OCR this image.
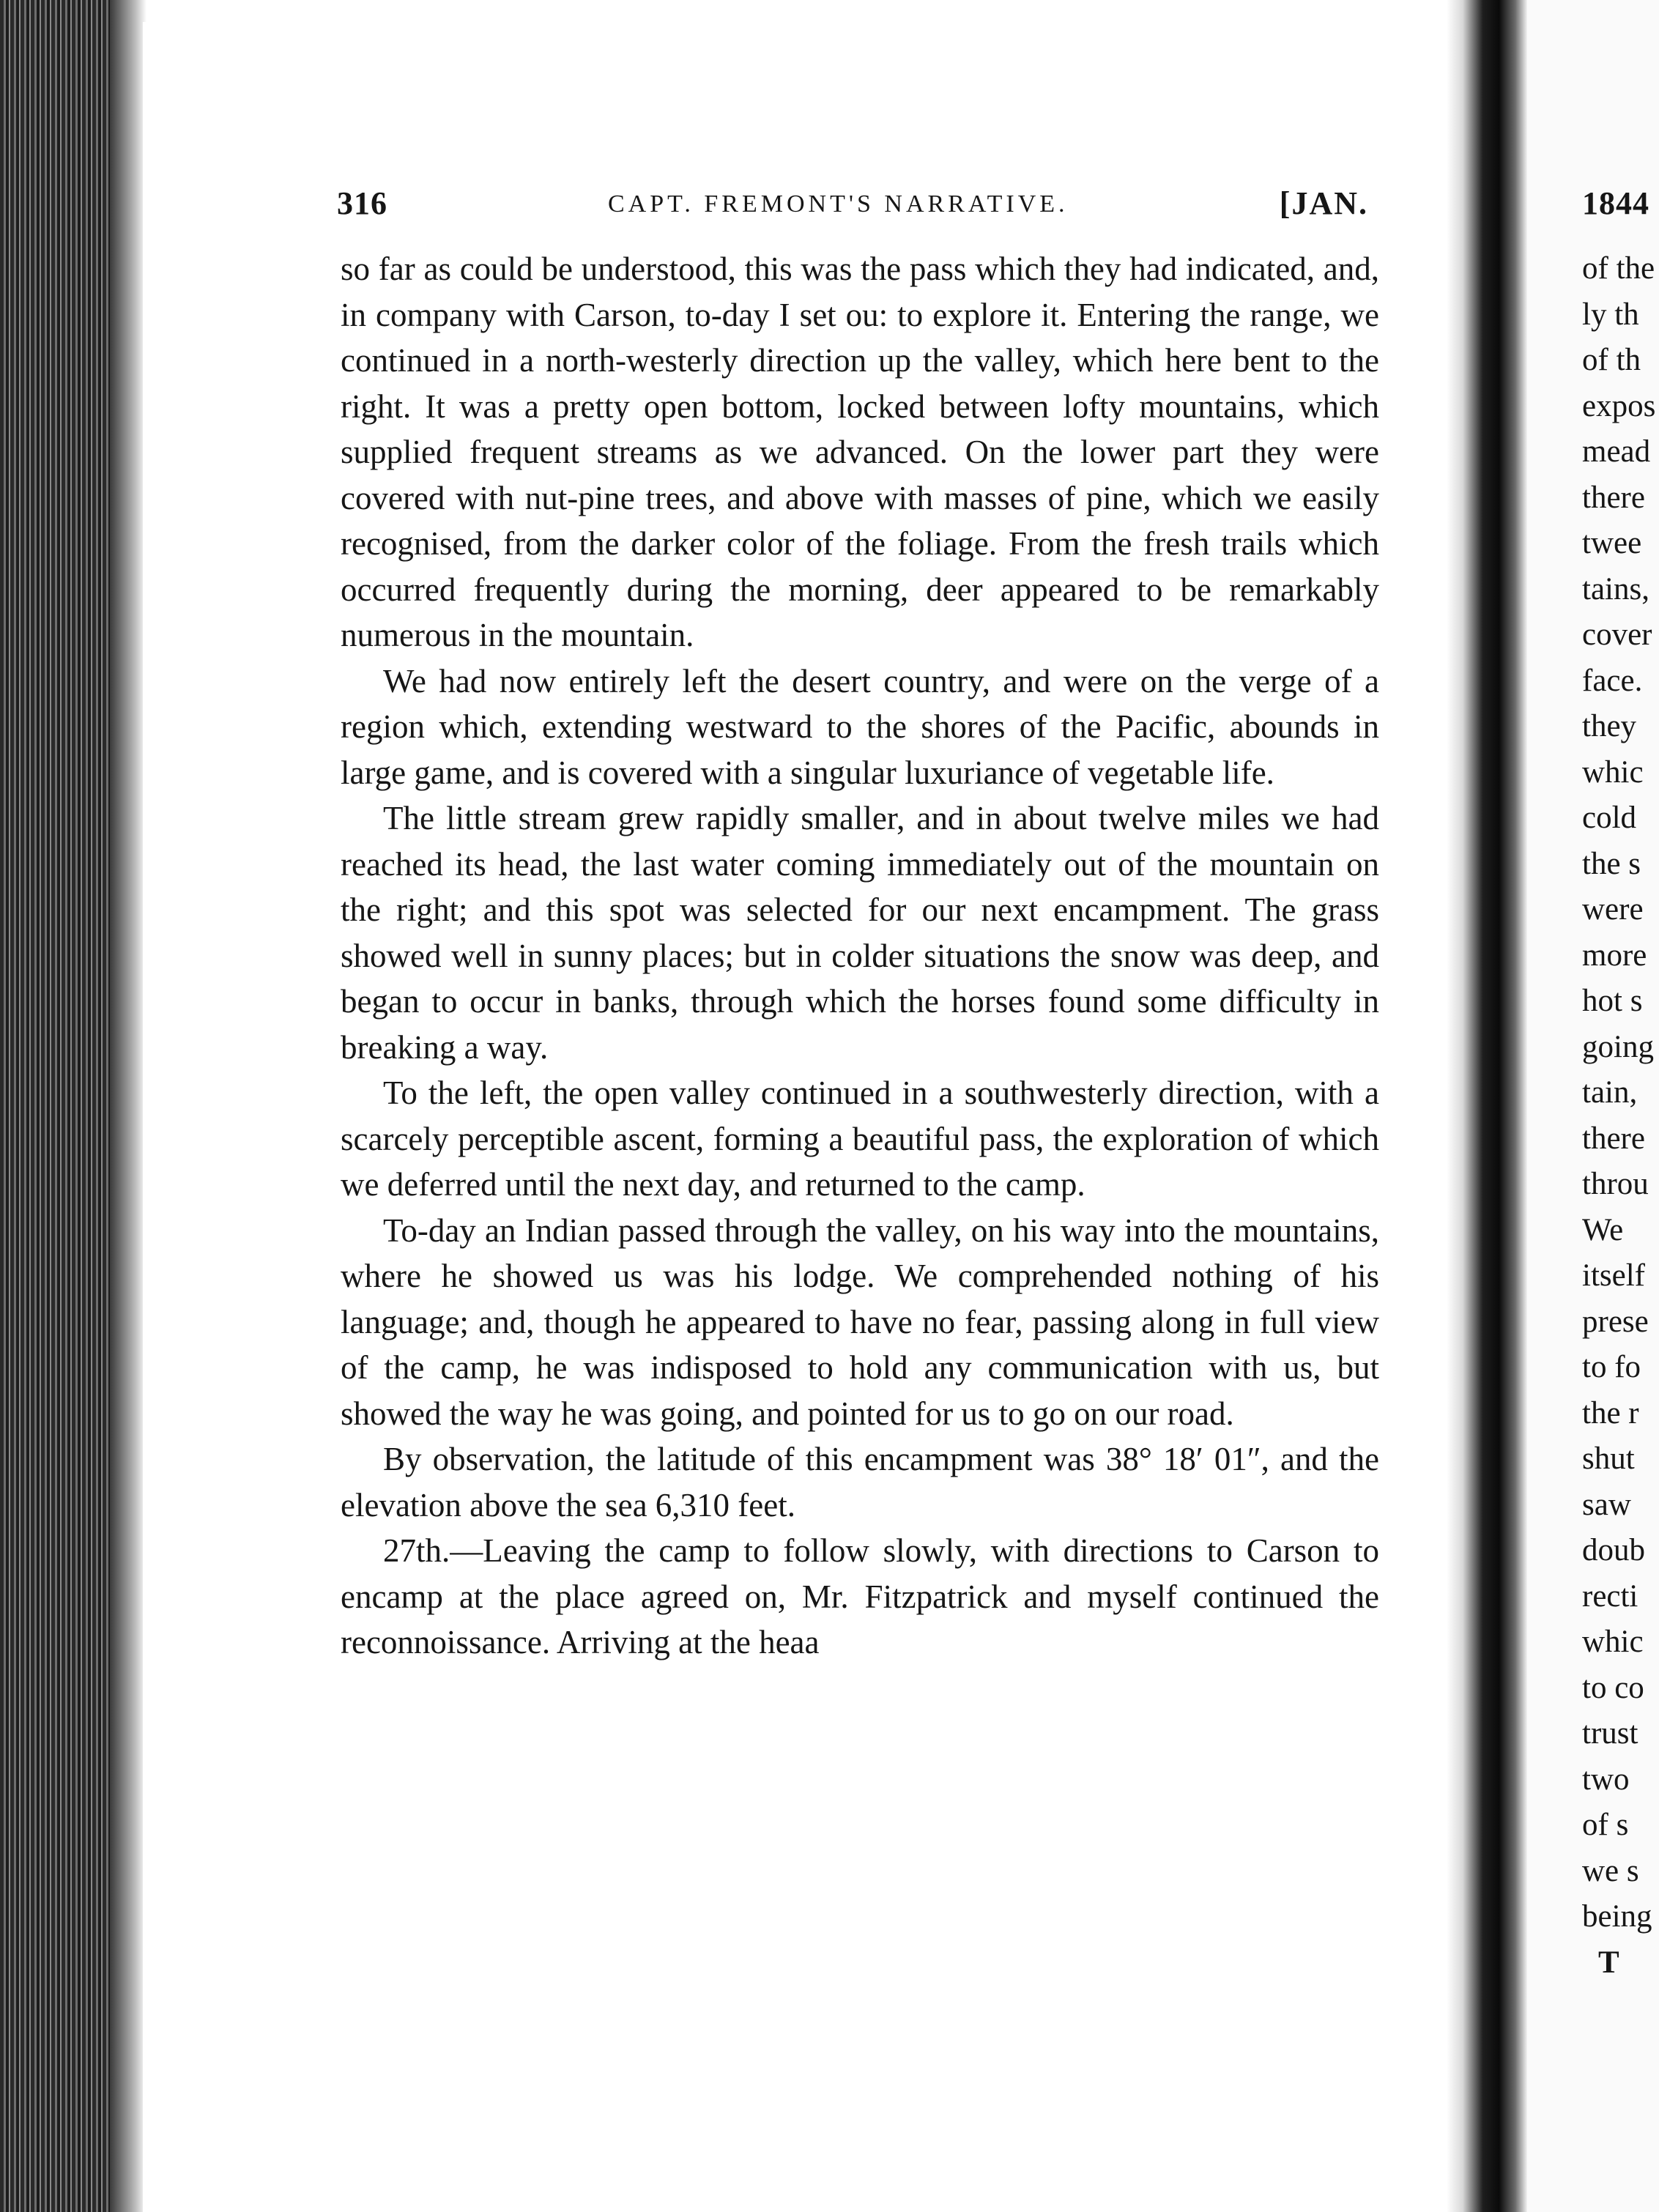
316	CAPT. FREMONT'S NARRATIVE.	[JAN.

so far as could be understood, this was the pass which they had indicated, and, in company with Carson, to-day I set ou: to explore it. Entering the range, we continued in a north-westerly direction up the valley, which here bent to the right. It was a pretty open bottom, locked between lofty mountains, which supplied frequent streams as we advanced. On the lower part they were covered with nut-pine trees, and above with masses of pine, which we easily recognised, from the darker color of the foliage. From the fresh trails which occurred frequently during the morning, deer appeared to be remarkably numerous in the mountain.

We had now entirely left the desert country, and were on the verge of a region which, extending westward to the shores of the Pacific, abounds in large game, and is covered with a singular luxuriance of vegetable life.

The little stream grew rapidly smaller, and in about twelve miles we had reached its head, the last water coming immediately out of the mountain on the right; and this spot was selected for our next encampment. The grass showed well in sunny places; but in colder situations the snow was deep, and began to occur in banks, through which the horses found some difficulty in breaking a way.

To the left, the open valley continued in a southwesterly direction, with a scarcely perceptible ascent, forming a beautiful pass, the exploration of which we deferred until the next day, and returned to the camp.

To-day an Indian passed through the valley, on his way into the mountains, where he showed us was his lodge. We comprehended nothing of his language; and, though he appeared to have no fear, passing along in full view of the camp, he was indisposed to hold any communication with us, but showed the way he was going, and pointed for us to go on our road.

By observation, the latitude of this encampment was 38° 18′ 01″, and the elevation above the sea 6,310 feet.

27th.—Leaving the camp to follow slowly, with directions to Carson to encamp at the place agreed on, Mr. Fitzpatrick and myself continued the reconnoissance. Arriving at the heaa

1844
of the
ly th
of th
expos
mead
there
twee
tains,
cover
face.
they
whic
cold
the s
were
more
hot s
going
tain,
there
throu
We
itself
prese
to fo
the r
shut
saw
doub
recti
whic
to co
trust
two
of s
we s
being
T
